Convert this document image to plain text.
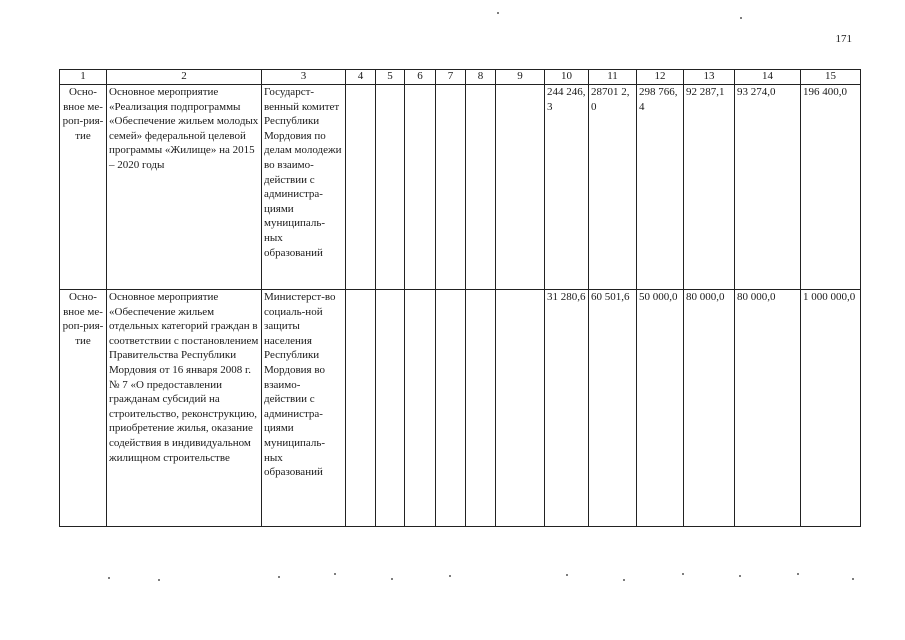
171
1	2	3	4	5	6	7	8	9	10	11	12	13	14	15
Осно-вное ме-роп-рия-тие	Основное мероприятие «Реализация подпрограммы «Обеспечение жильем молодых семей» федеральной целевой программы «Жилище» на 2015 – 2020 годы	Государст-венный комитет Республики Мордовия по делам молодежи во взаимо-действии с администра-циями муниципаль-ных образований							244 246,3	28701 2,0	298 766,4	92 287,1	93 274,0	196 400,0
Осно-вное ме-роп-рия-тие	Основное мероприятие «Обеспечение жильем отдельных категорий граждан в соответствии с постановлением Правительства Республики Мордовия от 16 января 2008 г. № 7 «О предоставлении гражданам субсидий на строительство, реконструкцию, приобретение жилья, оказание содействия в индивидуальном жилищном строительстве	Министерст-во социаль-ной защиты населения Республики Мордовия во взаимо-действии с администра-циями муниципаль-ных образований							31 280,6	60 501,6	50 000,0	80 000,0	80 000,0	1 000 000,0
